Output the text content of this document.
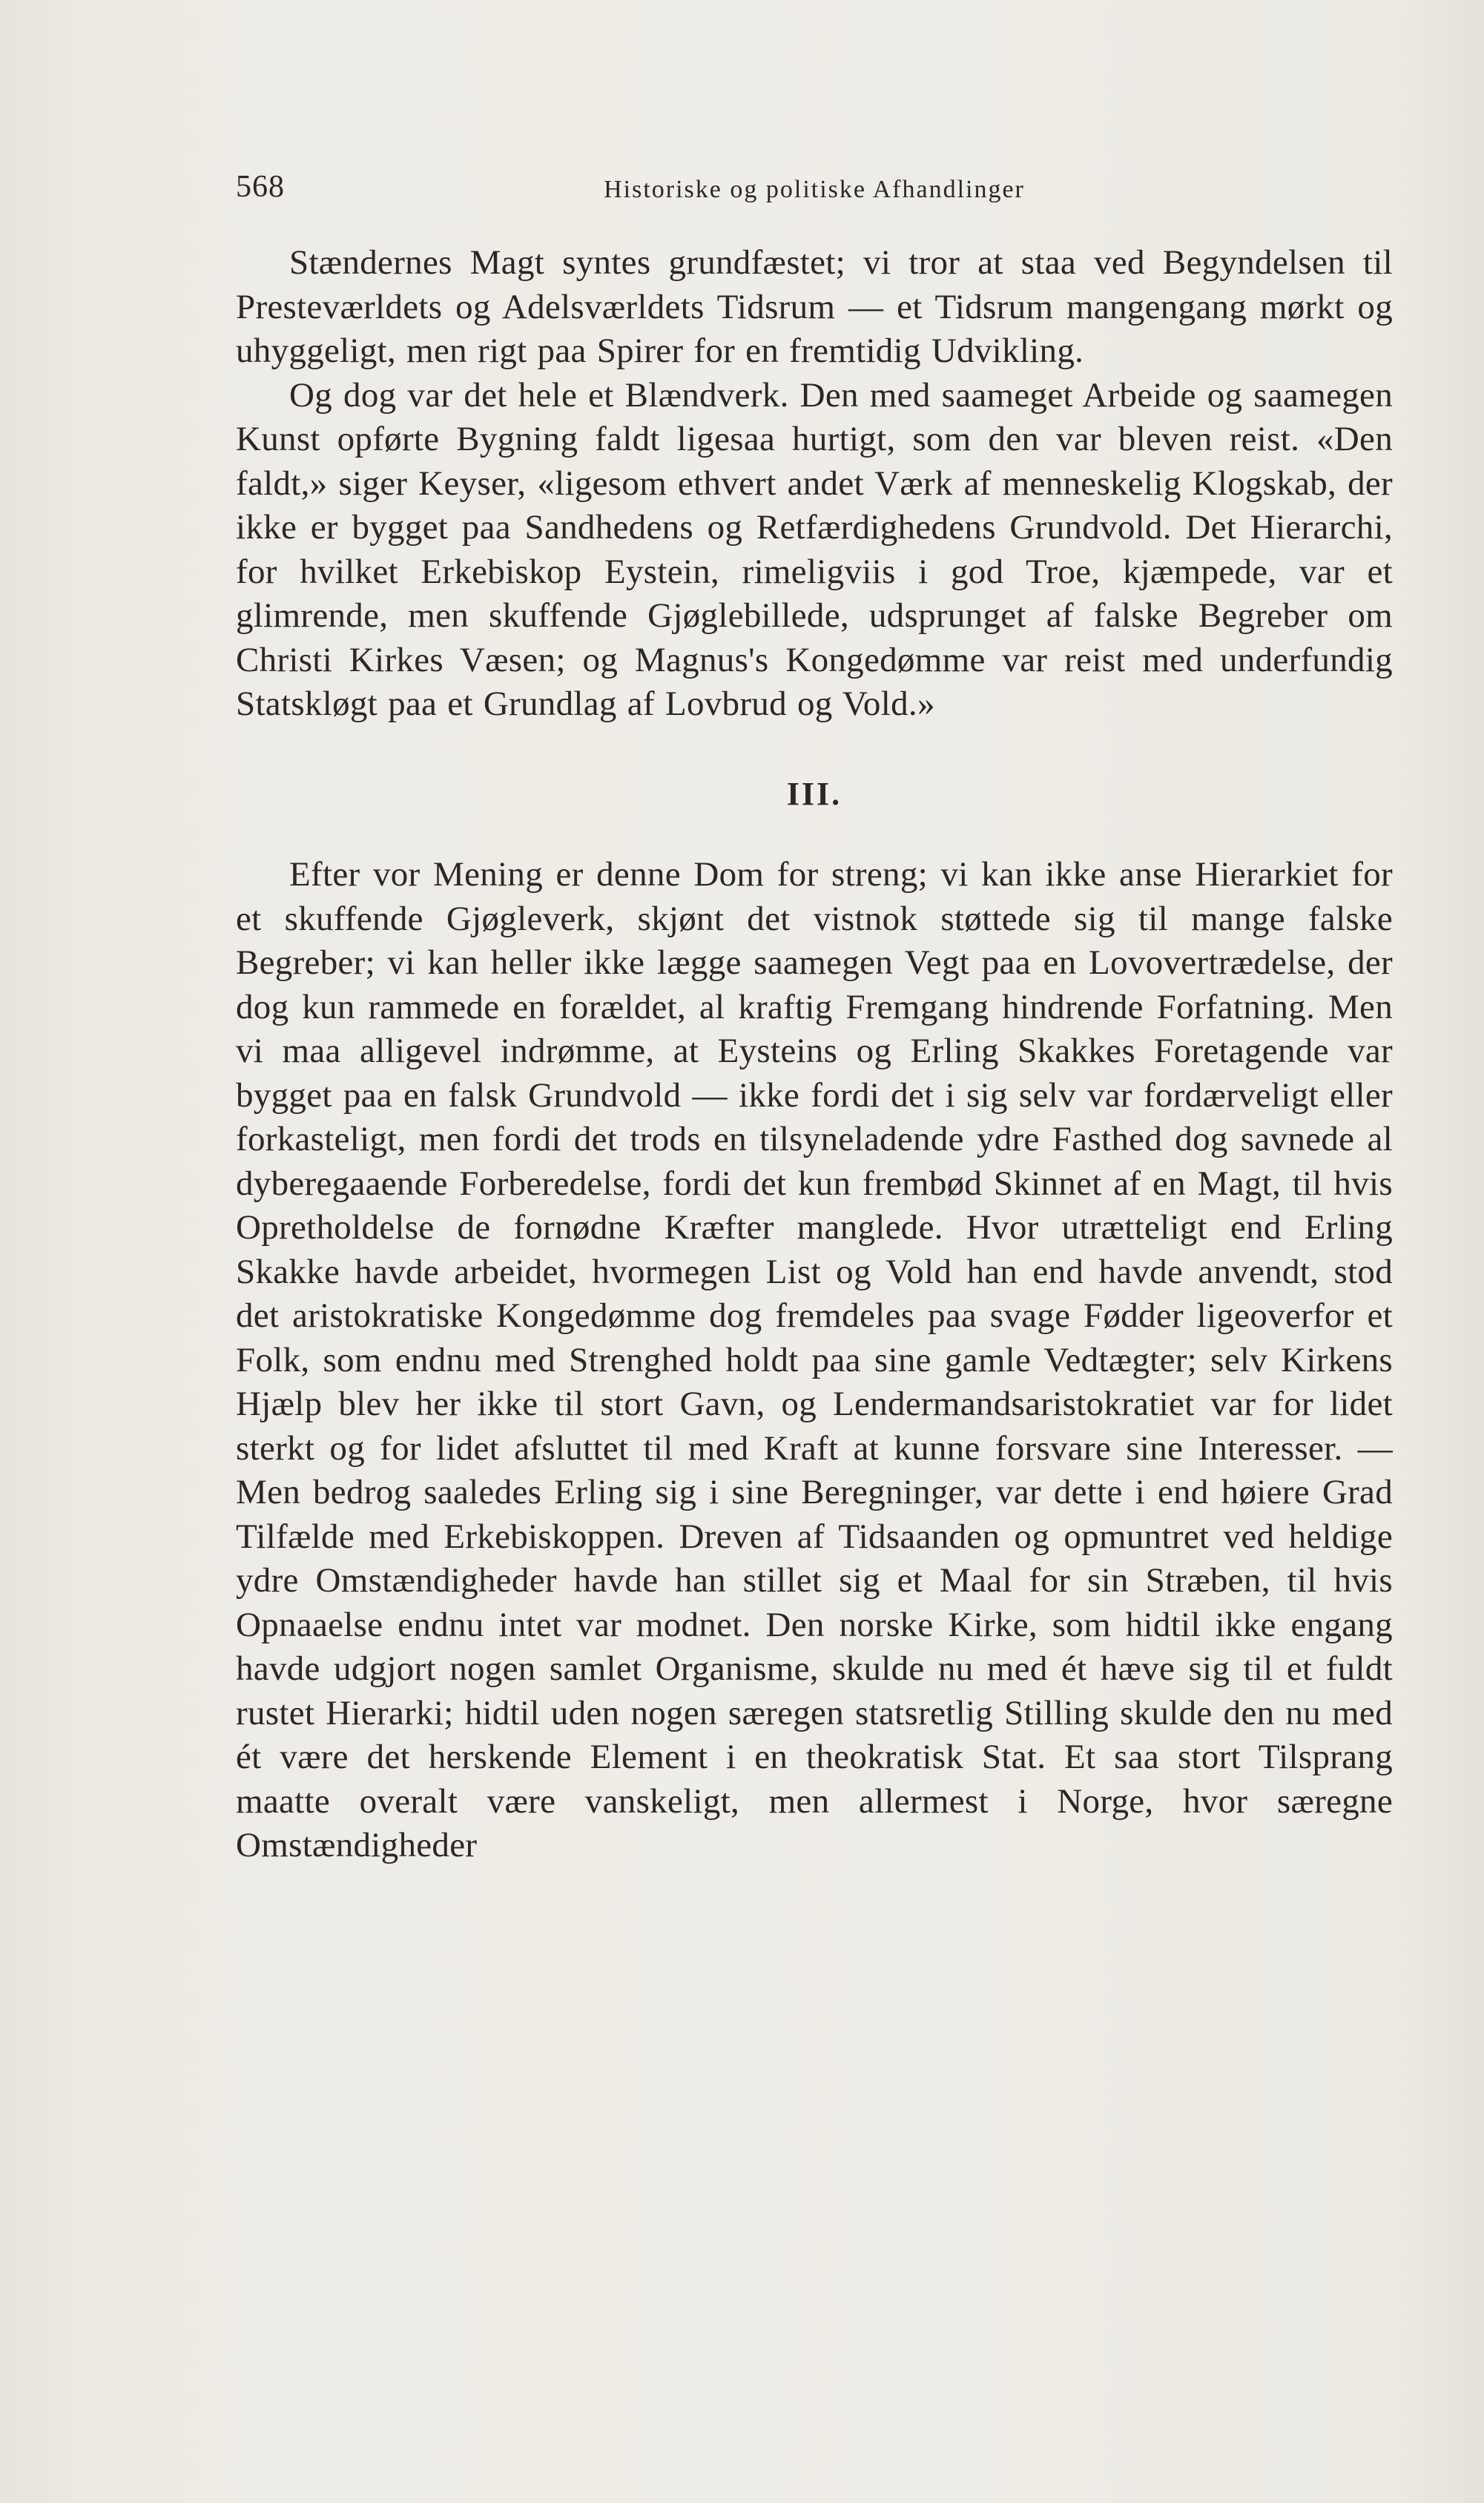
568	Historiske og politiske Afhandlinger

Stændernes Magt syntes grundfæstet; vi tror at staa ved Begyndelsen til Presteværldets og Adelsværldets Tidsrum — et Tidsrum mangengang mørkt og uhyggeligt, men rigt paa Spirer for en fremtidig Udvikling.

Og dog var det hele et Blændverk. Den med saameget Arbeide og saamegen Kunst opførte Bygning faldt ligesaa hurtigt, som den var bleven reist. «Den faldt,» siger Keyser, «ligesom ethvert andet Værk af menneskelig Klogskab, der ikke er bygget paa Sandhedens og Retfærdighedens Grundvold. Det Hierarchi, for hvilket Erkebiskop Eystein, rimeligviis i god Troe, kjæmpede, var et glimrende, men skuffende Gjøglebillede, udsprunget af falske Begreber om Christi Kirkes Væsen; og Magnus's Kongedømme var reist med underfundig Statskløgt paa et Grundlag af Lovbrud og Vold.»

III.

Efter vor Mening er denne Dom for streng; vi kan ikke anse Hierarkiet for et skuffende Gjøgleverk, skjønt det vistnok støttede sig til mange falske Begreber; vi kan heller ikke lægge saamegen Vegt paa en Lovovertrædelse, der dog kun rammede en forældet, al kraftig Fremgang hindrende Forfatning. Men vi maa alligevel indrømme, at Eysteins og Erling Skakkes Foretagende var bygget paa en falsk Grundvold — ikke fordi det i sig selv var fordærveligt eller forkasteligt, men fordi det trods en tilsyneladende ydre Fasthed dog savnede al dyberegaaende Forberedelse, fordi det kun frembød Skinnet af en Magt, til hvis Opretholdelse de fornødne Kræfter manglede. Hvor utrætteligt end Erling Skakke havde arbeidet, hvormegen List og Vold han end havde anvendt, stod det aristokratiske Kongedømme dog fremdeles paa svage Fødder ligeoverfor et Folk, som endnu med Strenghed holdt paa sine gamle Vedtægter; selv Kirkens Hjælp blev her ikke til stort Gavn, og Lendermandsaristokratiet var for lidet sterkt og for lidet afsluttet til med Kraft at kunne forsvare sine Interesser. — Men bedrog saaledes Erling sig i sine Beregninger, var dette i end høiere Grad Tilfælde med Erkebiskoppen. Dreven af Tidsaanden og opmuntret ved heldige ydre Omstændigheder havde han stillet sig et Maal for sin Stræben, til hvis Opnaaelse endnu intet var modnet. Den norske Kirke, som hidtil ikke engang havde udgjort nogen samlet Organisme, skulde nu med ét hæve sig til et fuldt rustet Hierarki; hidtil uden nogen særegen statsretlig Stilling skulde den nu med ét være det herskende Element i en theokratisk Stat. Et saa stort Tilsprang maatte overalt være vanskeligt, men allermest i Norge, hvor særegne Omstændigheder
